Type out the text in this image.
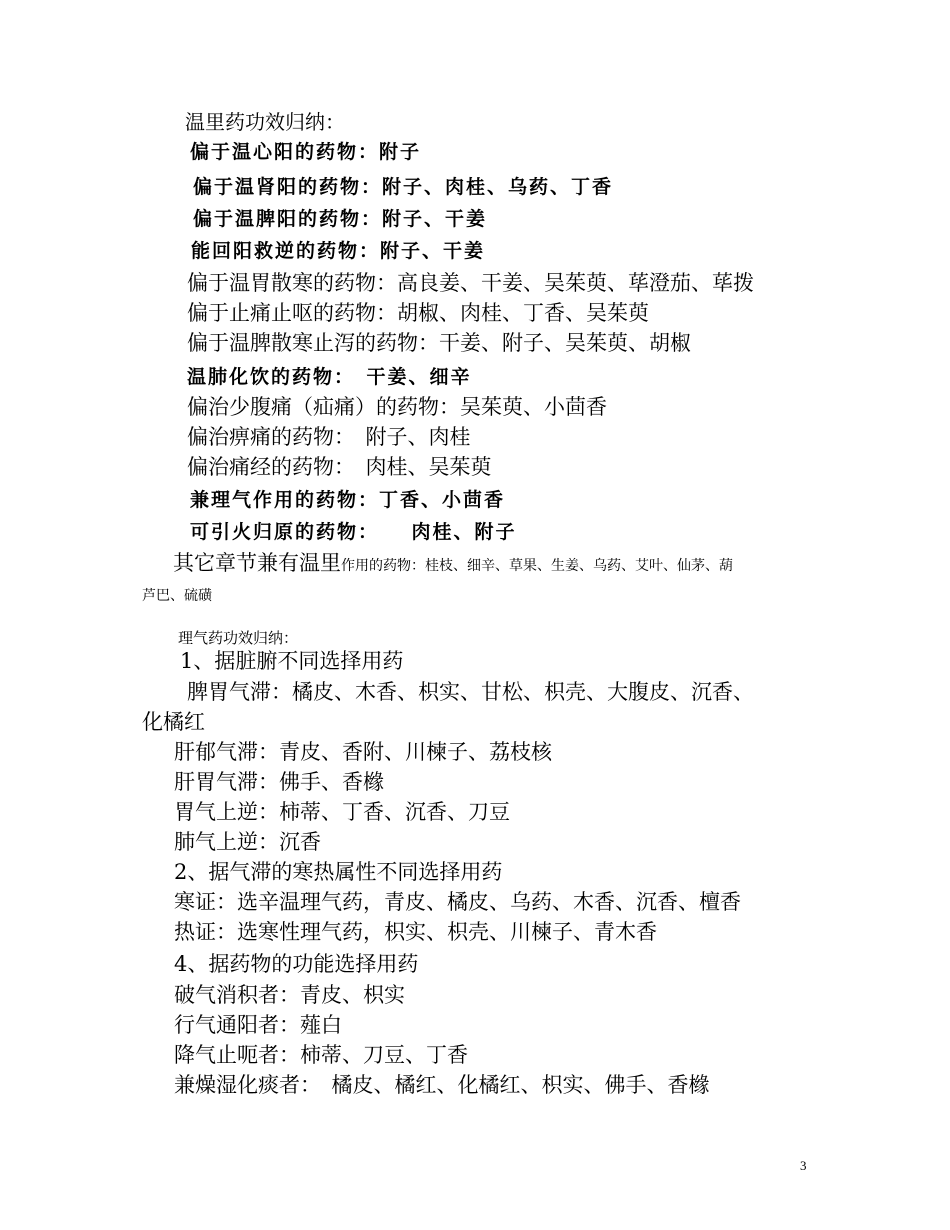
温里药功效归纳：
偏于温心阳的药物：附子
偏于温肾阳的药物：附子、肉桂、乌药、丁香
偏于温脾阳的药物：附子、干姜
能回阳救逆的药物：附子、干姜
偏于温胃散寒的药物：高良姜、干姜、吴茱萸、荜澄茄、荜拨
偏于止痛止呕的药物：胡椒、肉桂、丁香、吴茱萸
偏于温脾散寒止泻的药物：干姜、附子、吴茱萸、胡椒
温肺化饮的药物：　干姜、细辛
偏治少腹痛（疝痛）的药物：吴茱萸、小茴香
偏治痹痛的药物：　附子、肉桂
偏治痛经的药物：　肉桂、吴茱萸
兼理气作用的药物：丁香、小茴香
可引火归原的药物：　　肉桂、附子
其它章节兼有温里作用的药物：桂枝、细辛、草果、生姜、乌药、艾叶、仙茅、葫
芦巴、硫磺
理气药功效归纳：
1、据脏腑不同选择用药
脾胃气滞：橘皮、木香、枳实、甘松、枳壳、大腹皮、沉香、
化橘红
肝郁气滞：青皮、香附、川楝子、荔枝核
肝胃气滞：佛手、香橼
胃气上逆：柿蒂、丁香、沉香、刀豆
肺气上逆：沉香
2、据气滞的寒热属性不同选择用药
寒证：选辛温理气药，青皮、橘皮、乌药、木香、沉香、檀香
热证：选寒性理气药，枳实、枳壳、川楝子、青木香
4、据药物的功能选择用药
破气消积者：青皮、枳实
行气通阳者：薤白
降气止呃者：柿蒂、刀豆、丁香
兼燥湿化痰者：　橘皮、橘红、化橘红、枳实、佛手、香橼
3
